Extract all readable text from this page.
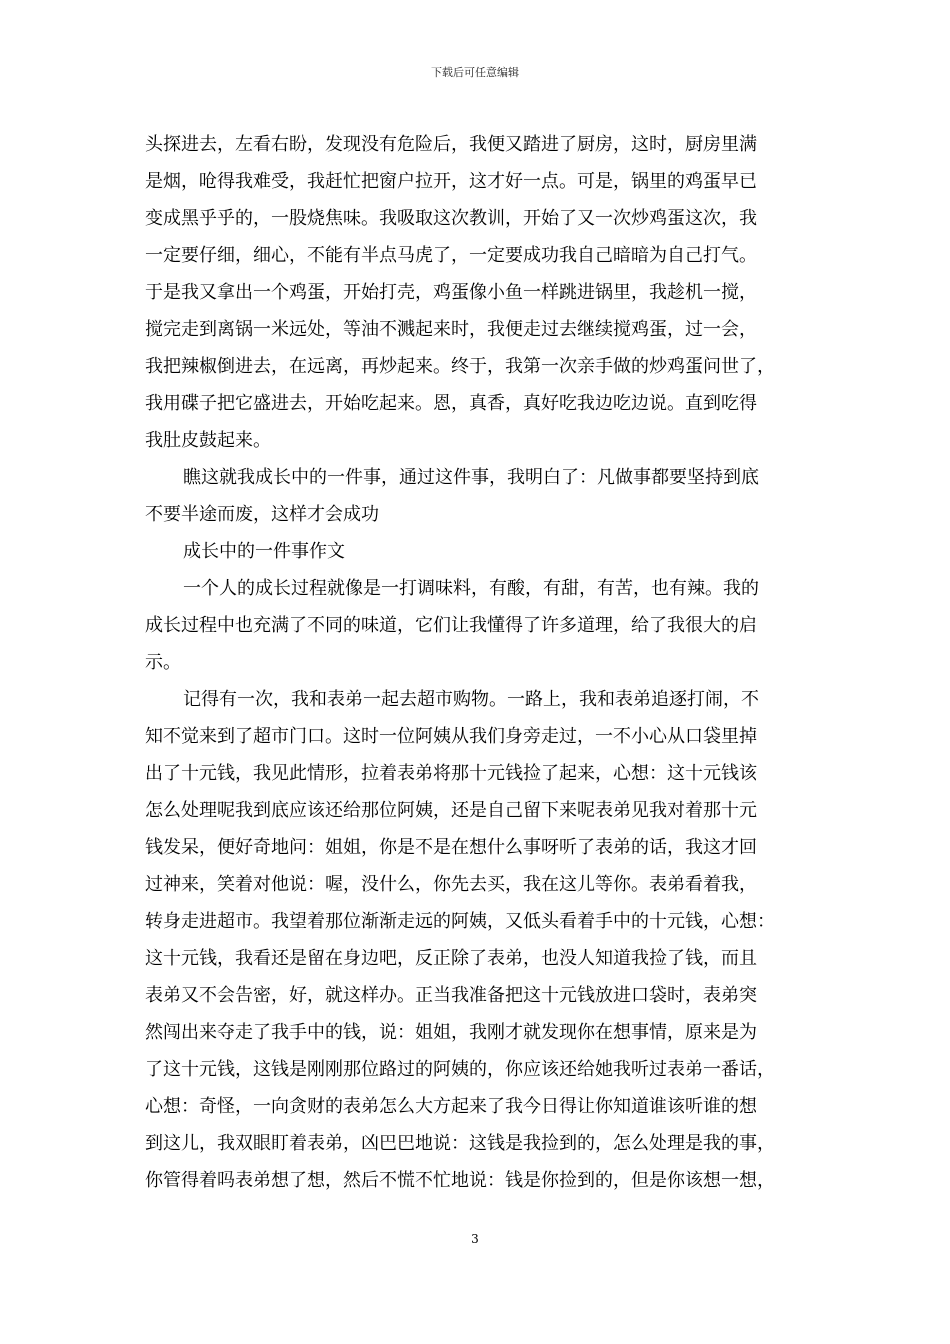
下载后可任意编辑
头探进去，左看右盼，发现没有危险后，我便又踏进了厨房，这时，厨房里满
是烟，呛得我难受，我赶忙把窗户拉开，这才好一点。可是，锅里的鸡蛋早已
变成黑乎乎的，一股烧焦味。我吸取这次教训，开始了又一次炒鸡蛋这次，我
一定要仔细，细心，不能有半点马虎了，一定要成功我自己暗暗为自己打气。
于是我又拿出一个鸡蛋，开始打壳，鸡蛋像小鱼一样跳进锅里，我趁机一搅，
搅完走到离锅一米远处，等油不溅起来时，我便走过去继续搅鸡蛋，过一会，
我把辣椒倒进去，在远离，再炒起来。终于，我第一次亲手做的炒鸡蛋问世了，
我用碟子把它盛进去，开始吃起来。恩，真香，真好吃我边吃边说。直到吃得
我肚皮鼓起来。
瞧这就我成长中的一件事，通过这件事，我明白了：凡做事都要坚持到底
不要半途而废，这样才会成功
成长中的一件事作文
一个人的成长过程就像是一打调味料，有酸，有甜，有苦，也有辣。我的
成长过程中也充满了不同的味道，它们让我懂得了许多道理，给了我很大的启
示。
记得有一次，我和表弟一起去超市购物。一路上，我和表弟追逐打闹，不
知不觉来到了超市门口。这时一位阿姨从我们身旁走过，一不小心从口袋里掉
出了十元钱，我见此情形，拉着表弟将那十元钱捡了起来，心想：这十元钱该
怎么处理呢我到底应该还给那位阿姨，还是自己留下来呢表弟见我对着那十元
钱发呆，便好奇地问：姐姐，你是不是在想什么事呀听了表弟的话，我这才回
过神来，笑着对他说：喔，没什么，你先去买，我在这儿等你。表弟看着我，
转身走进超市。我望着那位渐渐走远的阿姨，又低头看着手中的十元钱，心想：
这十元钱，我看还是留在身边吧，反正除了表弟，也没人知道我捡了钱，而且
表弟又不会告密，好，就这样办。正当我准备把这十元钱放进口袋时，表弟突
然闯出来夺走了我手中的钱，说：姐姐，我刚才就发现你在想事情，原来是为
了这十元钱，这钱是刚刚那位路过的阿姨的，你应该还给她我听过表弟一番话，
心想：奇怪，一向贪财的表弟怎么大方起来了我今日得让你知道谁该听谁的想
到这儿，我双眼盯着表弟，凶巴巴地说：这钱是我捡到的，怎么处理是我的事，
你管得着吗表弟想了想，然后不慌不忙地说：钱是你捡到的，但是你该想一想，
3
